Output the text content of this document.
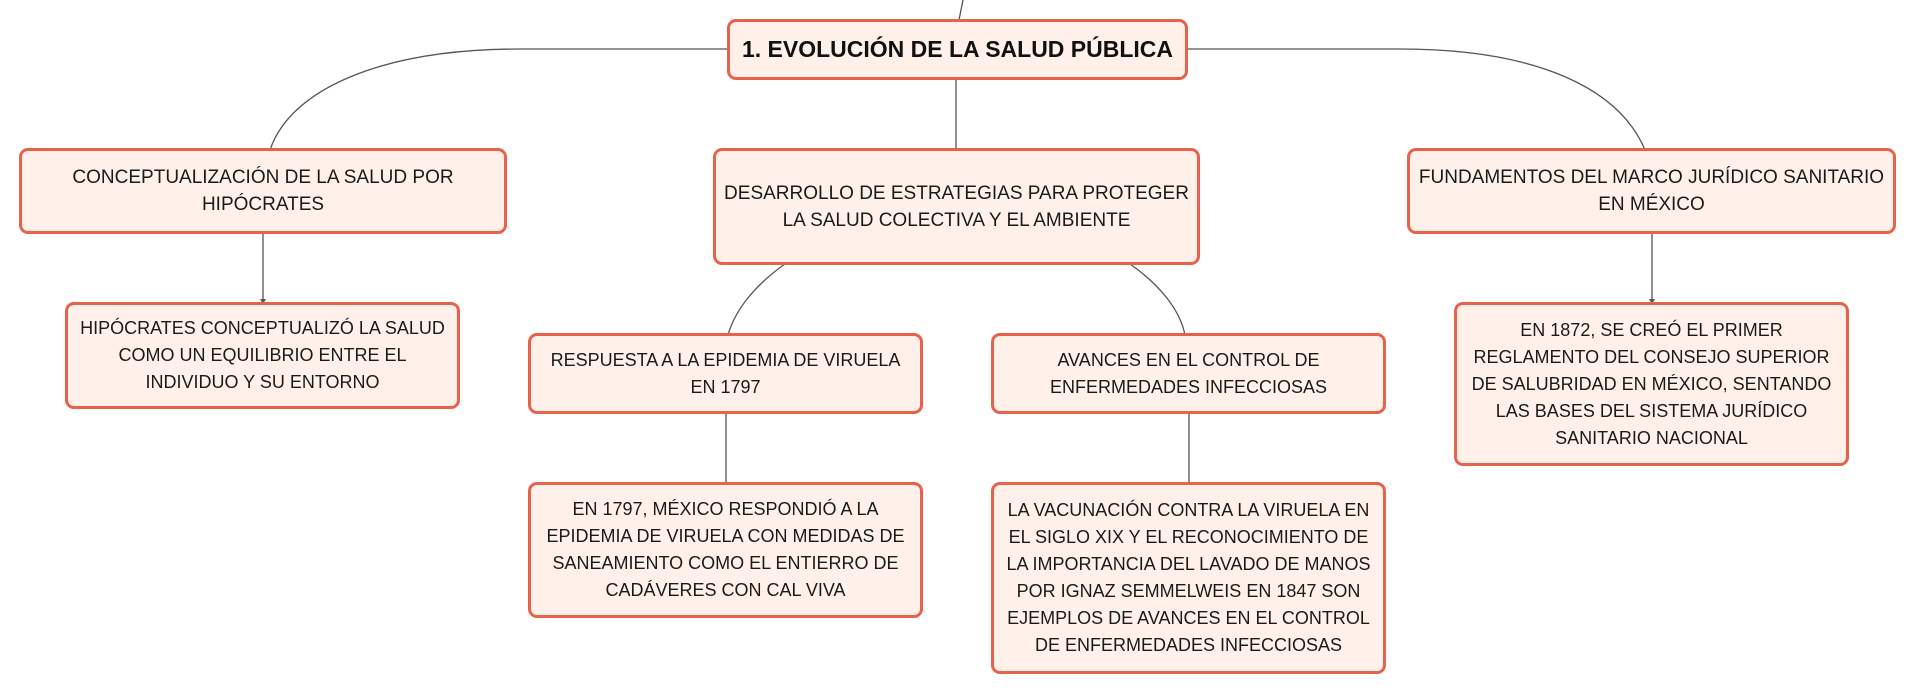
1. EVOLUCIÓN DE LA SALUD PÚBLICA
CONCEPTUALIZACIÓN DE LA SALUD POR HIPÓCRATES
DESARROLLO DE ESTRATEGIAS PARA PROTEGER LA SALUD COLECTIVA Y EL AMBIENTE
FUNDAMENTOS DEL MARCO JURÍDICO SANITARIO EN MÉXICO
HIPÓCRATES CONCEPTUALIZÓ LA SALUD COMO UN EQUILIBRIO ENTRE EL INDIVIDUO Y SU ENTORNO
RESPUESTA A LA EPIDEMIA DE VIRUELA EN 1797
AVANCES EN EL CONTROL DE ENFERMEDADES INFECCIOSAS
EN 1797, MÉXICO RESPONDIÓ A LA EPIDEMIA DE VIRUELA CON MEDIDAS DE SANEAMIENTO COMO EL ENTIERRO DE CADÁVERES CON CAL VIVA
LA VACUNACIÓN CONTRA LA VIRUELA EN EL SIGLO XIX Y EL RECONOCIMIENTO DE LA IMPORTANCIA DEL LAVADO DE MANOS POR IGNAZ SEMMELWEIS EN 1847 SON EJEMPLOS DE AVANCES EN EL CONTROL DE ENFERMEDADES INFECCIOSAS
EN 1872, SE CREÓ EL PRIMER REGLAMENTO DEL CONSEJO SUPERIOR DE SALUBRIDAD EN MÉXICO, SENTANDO LAS BASES DEL SISTEMA JURÍDICO SANITARIO NACIONAL
